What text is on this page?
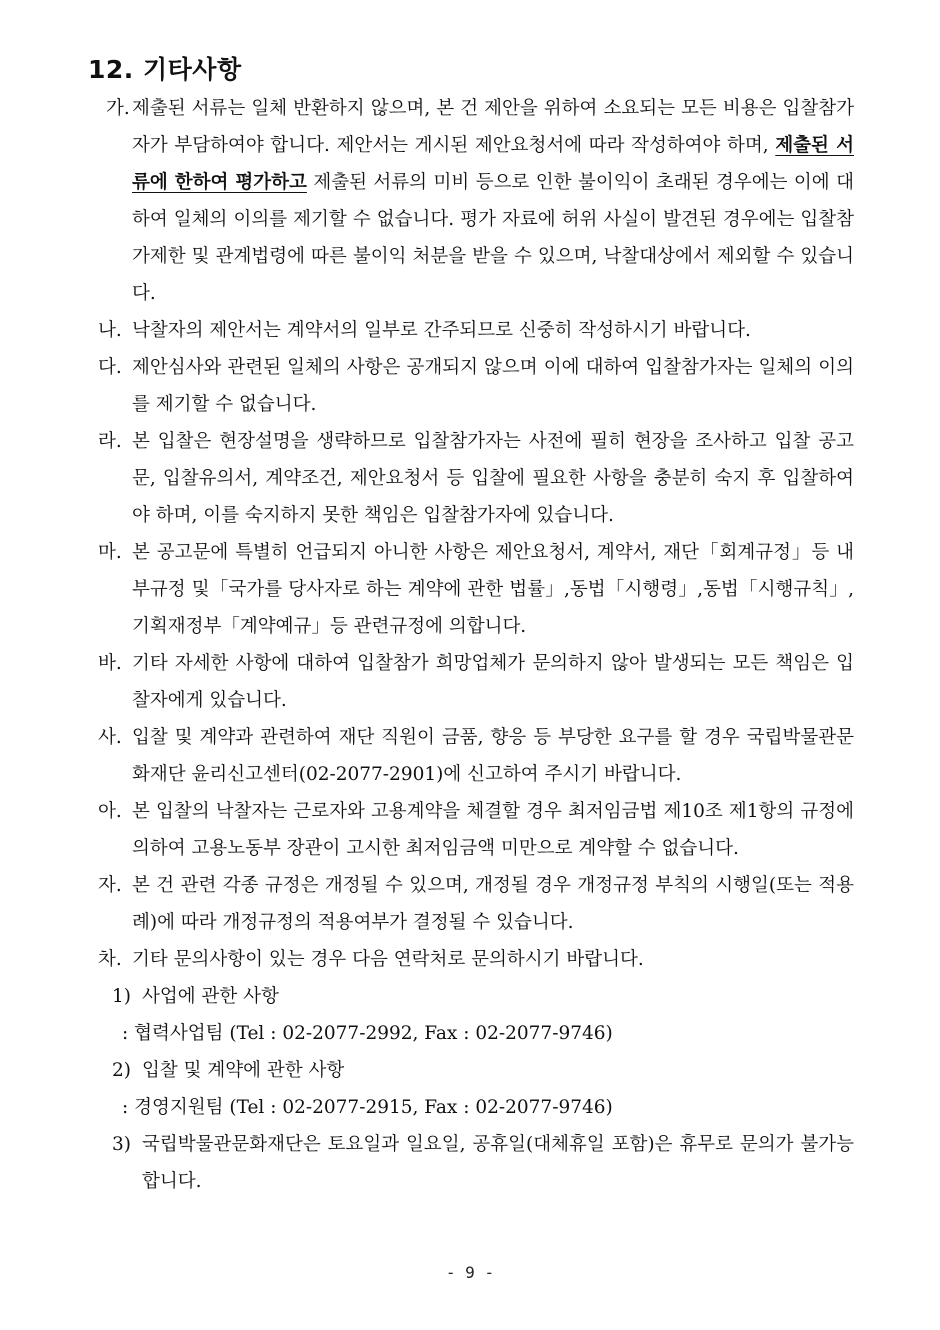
12. 기타사항

가. 제출된 서류는 일체 반환하지 않으며, 본 건 제안을 위하여 소요되는 모든 비용은 입찰참가자가 부담하여야 합니다. 제안서는 게시된 제안요청서에 따라 작성하여야 하며, 제출된 서류에 한하여 평가하고 제출된 서류의 미비 등으로 인한 불이익이 초래된 경우에는 이에 대하여 일체의 이의를 제기할 수 없습니다. 평가 자료에 허위 사실이 발견된 경우에는 입찰참가제한 및 관계법령에 따른 불이익 처분을 받을 수 있으며, 낙찰대상에서 제외할 수 있습니다.

나. 낙찰자의 제안서는 계약서의 일부로 간주되므로 신중히 작성하시기 바랍니다.

다. 제안심사와 관련된 일체의 사항은 공개되지 않으며 이에 대하여 입찰참가자는 일체의 이의를 제기할 수 없습니다.

라. 본 입찰은 현장설명을 생략하므로 입찰참가자는 사전에 필히 현장을 조사하고 입찰 공고문, 입찰유의서, 계약조건, 제안요청서 등 입찰에 필요한 사항을 충분히 숙지 후 입찰하여야 하며, 이를 숙지하지 못한 책임은 입찰참가자에 있습니다.

마. 본 공고문에 특별히 언급되지 아니한 사항은 제안요청서, 계약서, 재단「회계규정」등 내부규정 및「국가를 당사자로 하는 계약에 관한 법률」,동법「시행령」,동법「시행규칙」,기획재정부「계약예규」등 관련규정에 의합니다.

바. 기타 자세한 사항에 대하여 입찰참가 희망업체가 문의하지 않아 발생되는 모든 책임은 입찰자에게 있습니다.

사. 입찰 및 계약과 관련하여 재단 직원이 금품, 향응 등 부당한 요구를 할 경우 국립박물관문화재단 윤리신고센터(02-2077-2901)에 신고하여 주시기 바랍니다.

아. 본 입찰의 낙찰자는 근로자와 고용계약을 체결할 경우 최저임금법 제10조 제1항의 규정에 의하여 고용노동부 장관이 고시한 최저임금액 미만으로 계약할 수 없습니다.

자. 본 건 관련 각종 규정은 개정될 수 있으며, 개정될 경우 개정규정 부칙의 시행일(또는 적용례)에 따라 개정규정의 적용여부가 결정될 수 있습니다.

차. 기타 문의사항이 있는 경우 다음 연락처로 문의하시기 바랍니다.

1) 사업에 관한 사항

: 협력사업팀 (Tel : 02-2077-2992, Fax : 02-2077-9746)

2) 입찰 및 계약에 관한 사항

: 경영지원팀 (Tel : 02-2077-2915, Fax : 02-2077-9746)

3) 국립박물관문화재단은 토요일과 일요일, 공휴일(대체휴일 포함)은 휴무로 문의가 불가능합니다.

- 9 -
